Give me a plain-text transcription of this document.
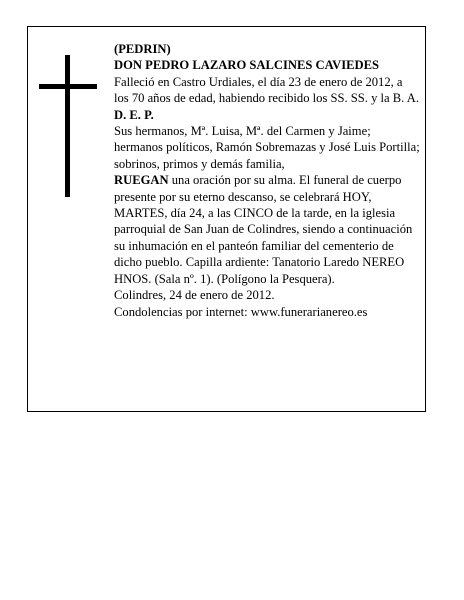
(PEDRIN)

DON PEDRO LAZARO SALCINES CAVIEDES

Falleció en Castro Urdiales, el día 23 de enero de 2012, a los 70 años de edad, habiendo recibido los SS. SS. y la B. A.

D. E. P.

Sus hermanos, Mª. Luisa, Mª. del Carmen y Jaime; hermanos políticos, Ramón Sobremazas y José Luis Portilla; sobrinos, primos y demás familia,

RUEGAN una oración por su alma. El funeral de cuerpo presente por su eterno descanso, se celebrará HOY, MARTES, día 24, a las CINCO de la tarde, en la iglesia parroquial de San Juan de Colindres, siendo a continuación su inhumación en el panteón familiar del cementerio de dicho pueblo. Capilla ardiente: Tanatorio Laredo NEREO HNOS. (Sala nº. 1). (Polígono la Pesquera).

Colindres, 24 de enero de 2012.

Condolencias por internet: www.funerarianereo.es
